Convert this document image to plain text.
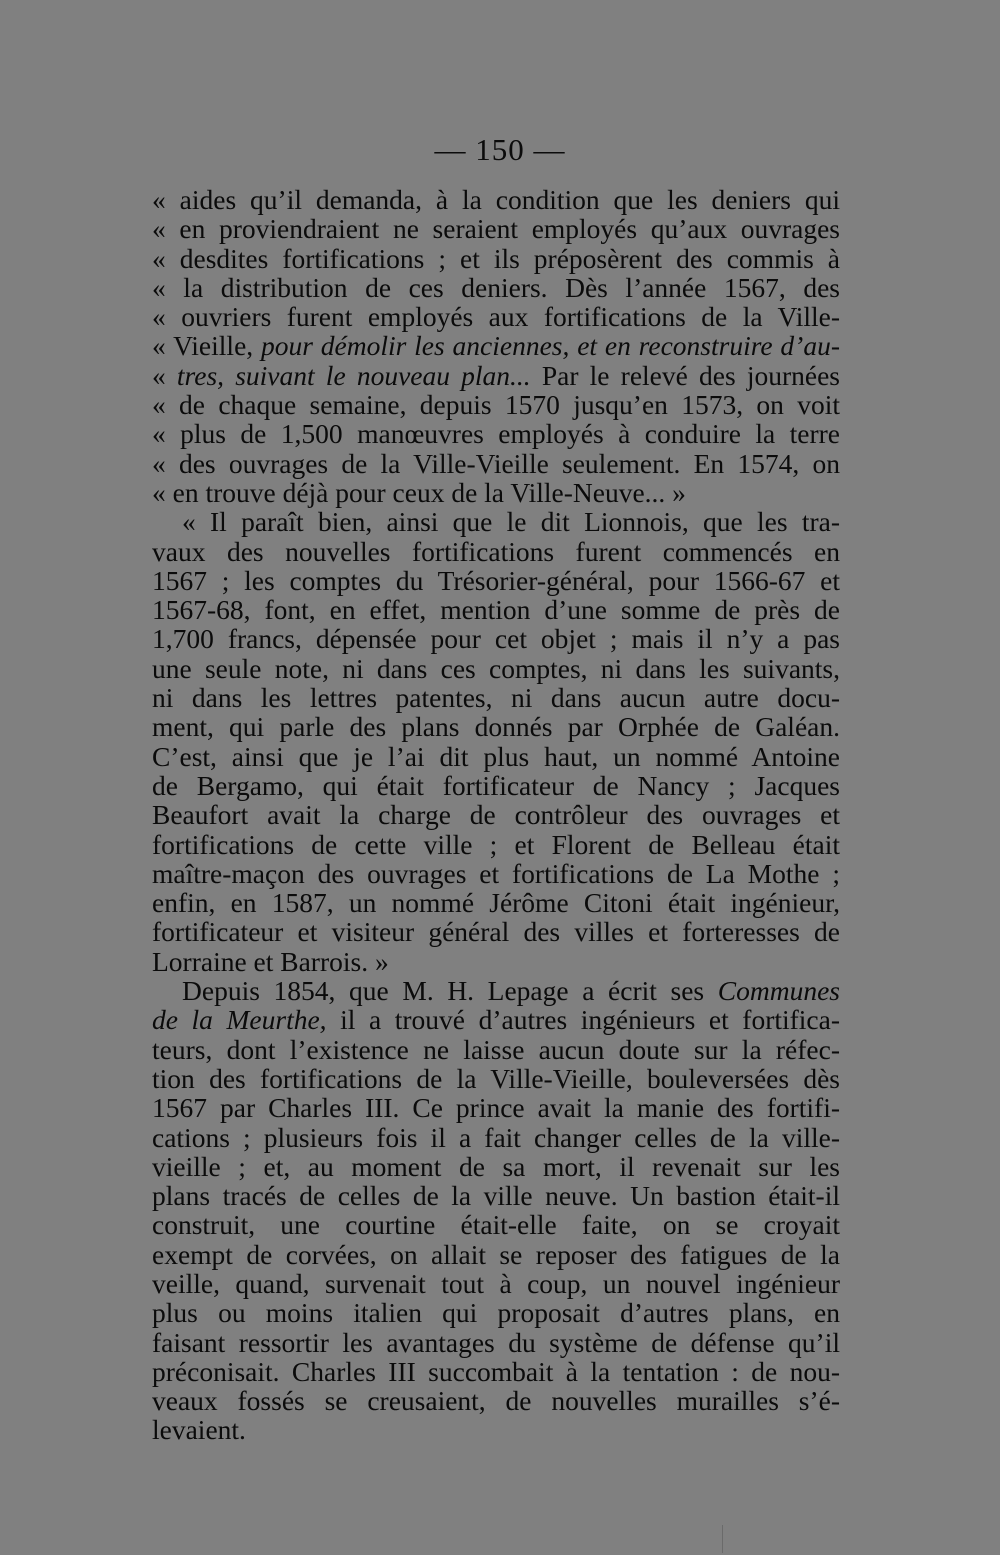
— 150 —
« aides qu’il demanda, à la condition que les deniers qui
« en proviendraient ne seraient employés qu’aux ouvrages
« desdites fortifications ; et ils préposèrent des commis à
« la distribution de ces deniers. Dès l’année 1567, des
« ouvriers furent employés aux fortifications de la Ville-
« Vieille, pour démolir les anciennes, et en reconstruire d’au-
« tres, suivant le nouveau plan... Par le relevé des journées
« de chaque semaine, depuis 1570 jusqu’en 1573, on voit
« plus de 1,500 manœuvres employés à conduire la terre
« des ouvrages de la Ville-Vieille seulement. En 1574, on
« en trouve déjà pour ceux de la Ville-Neuve... »
« Il paraît bien, ainsi que le dit Lionnois, que les tra-
vaux des nouvelles fortifications furent commencés en
1567 ; les comptes du Trésorier-général, pour 1566-67 et
1567-68, font, en effet, mention d’une somme de près de
1,700 francs, dépensée pour cet objet ; mais il n’y a pas
une seule note, ni dans ces comptes, ni dans les suivants,
ni dans les lettres patentes, ni dans aucun autre docu-
ment, qui parle des plans donnés par Orphée de Galéan.
C’est, ainsi que je l’ai dit plus haut, un nommé Antoine
de Bergamo, qui était fortificateur de Nancy ; Jacques
Beaufort avait la charge de contrôleur des ouvrages et
fortifications de cette ville ; et Florent de Belleau était
maître-maçon des ouvrages et fortifications de La Mothe ;
enfin, en 1587, un nommé Jérôme Citoni était ingénieur,
fortificateur et visiteur général des villes et forteresses de
Lorraine et Barrois. »
Depuis 1854, que M. H. Lepage a écrit ses Communes
de la Meurthe, il a trouvé d’autres ingénieurs et fortifica-
teurs, dont l’existence ne laisse aucun doute sur la réfec-
tion des fortifications de la Ville-Vieille, bouleversées dès
1567 par Charles III. Ce prince avait la manie des fortifi-
cations ; plusieurs fois il a fait changer celles de la ville-
vieille ; et, au moment de sa mort, il revenait sur les
plans tracés de celles de la ville neuve. Un bastion était-il
construit, une courtine était-elle faite, on se croyait
exempt de corvées, on allait se reposer des fatigues de la
veille, quand, survenait tout à coup, un nouvel ingénieur
plus ou moins italien qui proposait d’autres plans, en
faisant ressortir les avantages du système de défense qu’il
préconisait. Charles III succombait à la tentation : de nou-
veaux fossés se creusaient, de nouvelles murailles s’é-
levaient.
